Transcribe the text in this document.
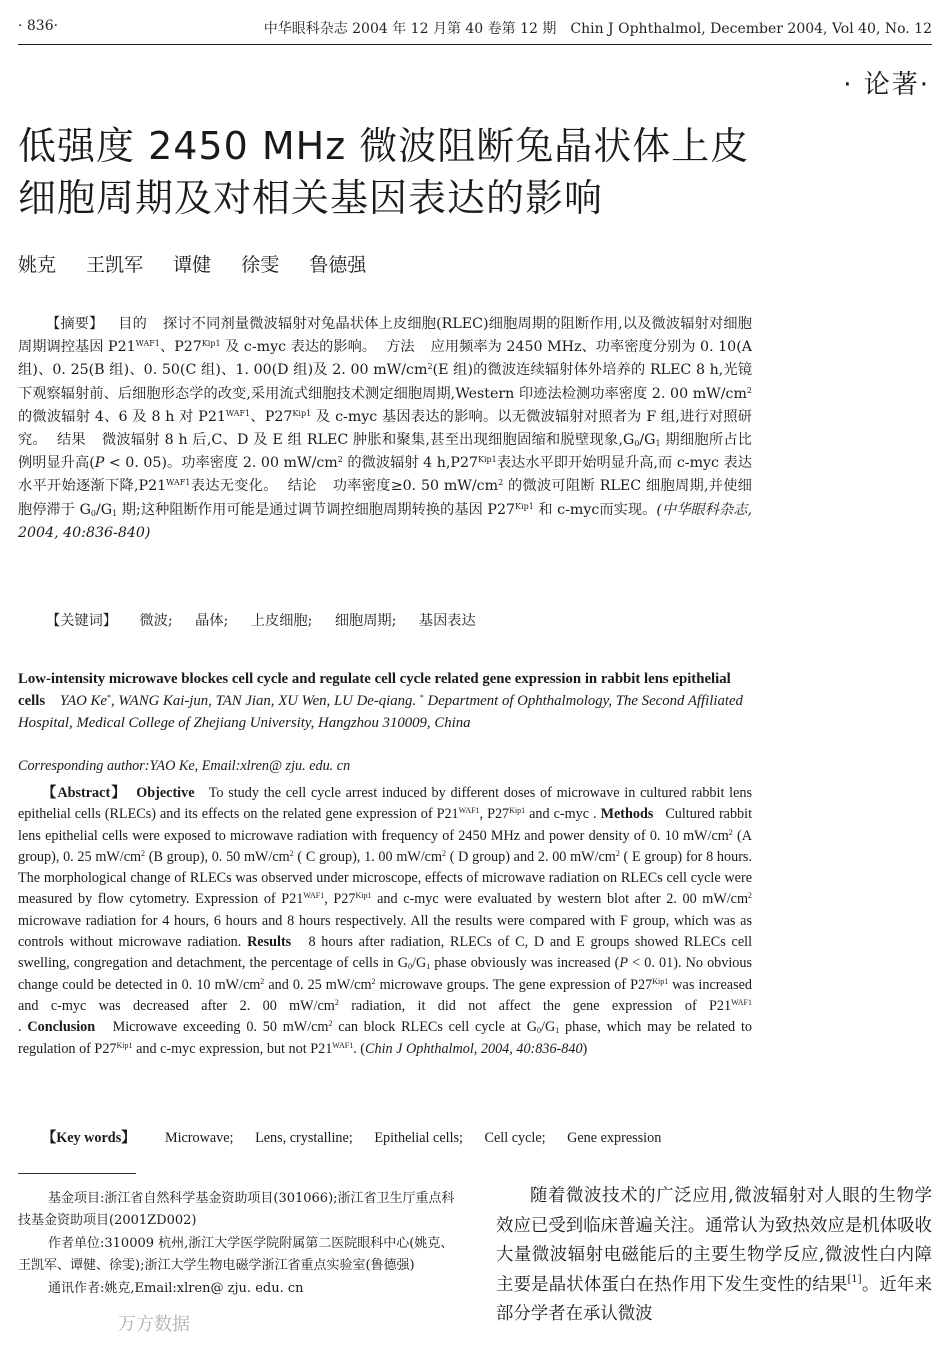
· 836·	中华眼科杂志 2004 年 12 月第 40 卷第 12 期　Chin J Ophthalmol, December 2004, Vol 40, No. 12
· 论著·
低强度 2450 MHz 微波阻断兔晶状体上皮
细胞周期及对相关基因表达的影响
姚克 王凯军 谭健 徐雯 鲁德强
【摘要】 目的 探讨不同剂量微波辐射对兔晶状体上皮细胞(RLEC)细胞周期的阻断作用,以及微波辐射对细胞周期调控基因 $P21^{WAF1}$、$P27^{Kip1}$ 及 c-myc 表达的影响。 方法 应用频率为 2450 MHz、功率密度分别为 0. 10(A 组)、0. 25(B 组)、0. 50(C 组)、1. 00(D 组)及 2. 00 $mW/cm^2(E$ 组)的微波连续辐射体外培养的 RLEC 8 h,光镜下观察辐射前、后细胞形态学的改变,采用流式细胞技术测定细胞周期,Western 印迹法检测功率密度 2. 00 $mW/cm^2$ 的微波辐射 4、6 及 8 h 对 $P21^{WAF1}$、$P27^{Kip1}$ 及 c-myc 基因表达的影响。以无微波辐射对照者为 F 组,进行对照研究。 结果 微波辐射 8 h 后,C、D 及 E 组 RLEC 肿胀和聚集,甚至出现细胞固缩和脱壁现象$,G_0/G_1$ 期细胞所占比例明显升高(P < 0. 05)。功率密度 2. 00 $mW/cm^2$ 的微波辐射 4 $h,P27^{Kip1}$表达水平即开始明显升高,而 c-myc 表达水平开始逐渐下降$,P21^{WAF1}$表达无变化。 结论 功率密度≥0. 50 $mW/cm^2$ 的微波可阻断 RLEC 细胞周期,并使细胞停滞于 $G_0/G_1$ 期;这种阻断作用可能是通过调节调控细胞周期转换的基因 $P27^{Kip1}$ 和 c-myc而实现。(中华眼科杂志, 2004, 40:836-840)
【关键词】 微波; 晶体; 上皮细胞; 细胞周期; 基因表达
Low-intensity microwave blockes cell cycle and regulate cell cycle related gene expression in rabbit lens epithelial cells YAO Ke*, WANG Kai-jun, TAN Jian, XU Wen, LU De-qiang. * Department of Ophthalmology, The Second Affiliated Hospital, Medical College of Zhejiang University, Hangzhou 310009, China
Corresponding author:YAO Ke, Email:xlren@ zju. edu. cn
【Abstract】 Objective To study the cell cycle arrest induced by different doses of microwave in cultured rabbit lens epithelial cells (RLECs) and its effects on the related gene expression of $P21^{WAF1}$, $P27^{Kip1}$ and c-myc . Methods Cultured rabbit lens epithelial cells were exposed to microwave radiation with frequency of 2450 MHz and power density of 0. 10 $mW/cm^2$ (A group), 0. 25 $mW/cm^2$ (B group), 0. 50 $mW/cm^2$ ( C group), 1. 00 $mW/cm^2$ ( D group) and 2. 00 $mW/cm^2$ ( E group) for 8 hours. The morphological change of RLECs was observed under microscope, effects of microwave radiation on RLECs cell cycle were measured by flow cytometry. Expression of $P21^{WAF1}$, $P27^{Kip1}$ and c-myc were evaluated by western blot after 2. 00 $mW/cm^2$ microwave radiation for 4 hours, 6 hours and 8 hours respectively. All the results were compared with F group, which was as controls without microwave radiation. Results 8 hours after radiation, RLECs of C, D and E groups showed RLECs cell swelling, congregation and detachment, the percentage of cells in $G_0/G_1$ phase obviously was increased (P < 0. 01). No obvious change could be detected in 0. 10 $mW/cm^2$ and 0. 25 $mW/cm^2$ microwave groups. The gene expression of $P27^{Kip1}$ was increased and c-myc was decreased after 2. 00 $mW/cm^2$ radiation, it did not affect the gene expression of $P21^{WAF1}$ . Conclusion Microwave exceeding 0. 50 $mW/cm^2$ can block RLECs cell cycle at $G_0/G_1$ phase, which may be related to regulation of $P27^{Kip1}$ and c-myc expression, but not $P21^{WAF1}$. (Chin J Ophthalmol, 2004, 40:836-840)
【Key words】 Microwave; Lens, crystalline; Epithelial cells; Cell cycle; Gene expression

基金项目:浙江省自然科学基金资助项目(301066);浙江省卫生厅重点科技基金资助项目(2001ZD002)

作者单位:310009 杭州,浙江大学医学院附属第二医院眼科中心(姚克、王凯军、谭健、徐雯);浙江大学生物电磁学浙江省重点实验室(鲁德强)

通讯作者:姚克,Email:xlren@ zju. edu. cn

随着微波技术的广泛应用,微波辐射对人眼的生物学效应已受到临床普遍关注。通常认为致热效应是机体吸收大量微波辐射电磁能后的主要生物学反应,微波性白内障主要是晶状体蛋白在热作用下发生变性的结果[1]。近年来部分学者在承认微波
万方数据
